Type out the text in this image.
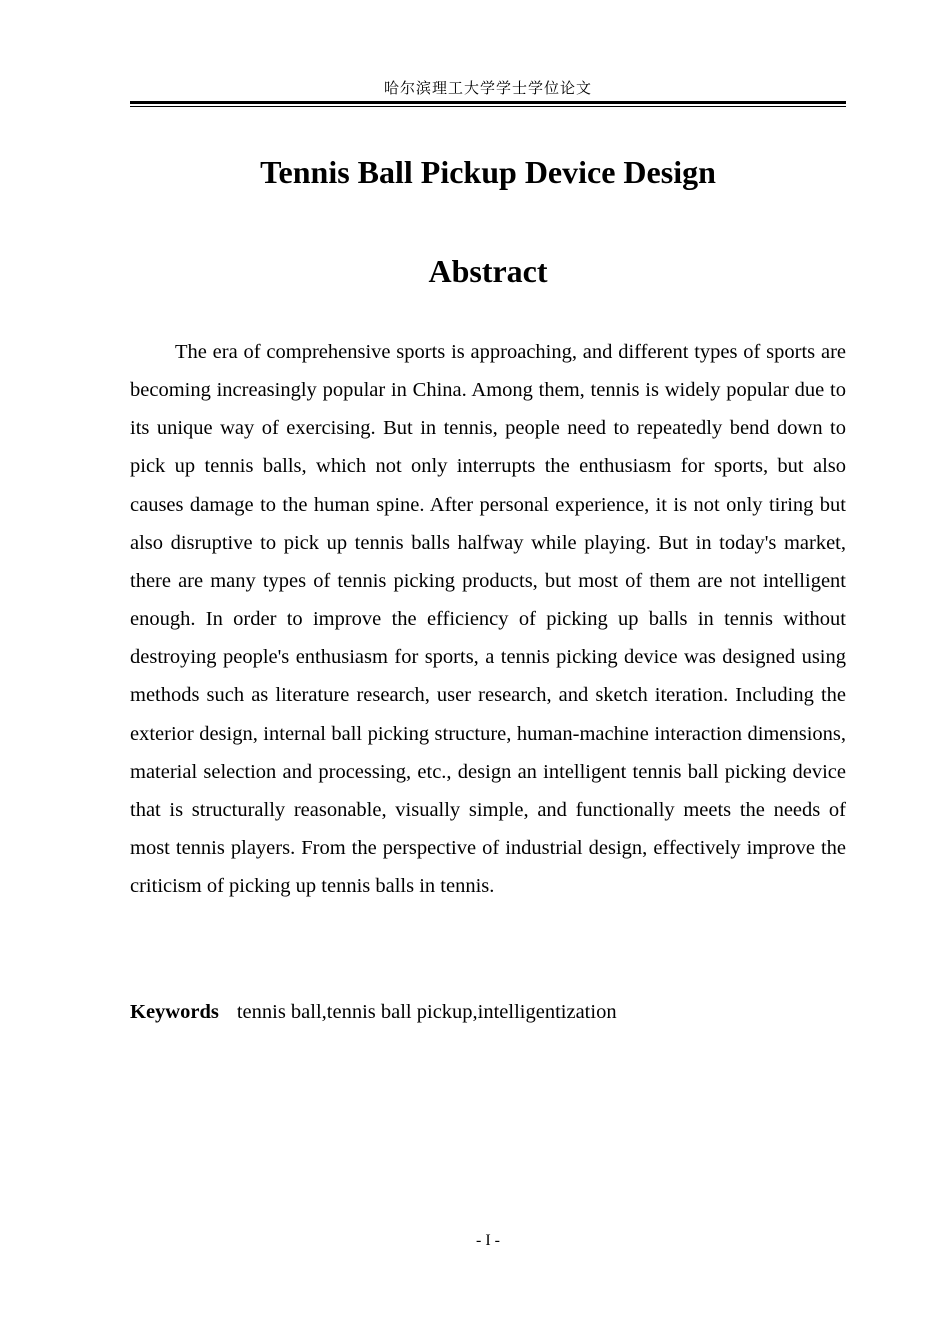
哈尔滨理工大学学士学位论文
Tennis Ball Pickup Device Design
Abstract

The era of comprehensive sports is approaching, and different types of sports are becoming increasingly popular in China. Among them, tennis is widely popular due to its unique way of exercising. But in tennis, people need to repeatedly bend down to pick up tennis balls, which not only interrupts the enthusiasm for sports, but also causes damage to the human spine. After personal experience, it is not only tiring but also disruptive to pick up tennis balls halfway while playing. But in today's market, there are many types of tennis picking products, but most of them are not intelligent enough. In order to improve the efficiency of picking up balls in tennis without destroying people's enthusiasm for sports, a tennis picking device was designed using methods such as literature research, user research, and sketch iteration. Including the exterior design, internal ball picking structure, human-machine interaction dimensions, material selection and processing, etc., design an intelligent tennis ball picking device that is structurally reasonable, visually simple, and functionally meets the needs of most tennis players. From the perspective of industrial design, effectively improve the criticism of picking up tennis balls in tennis.

Keywords tennis ball,tennis ball pickup,intelligentization
- I -
